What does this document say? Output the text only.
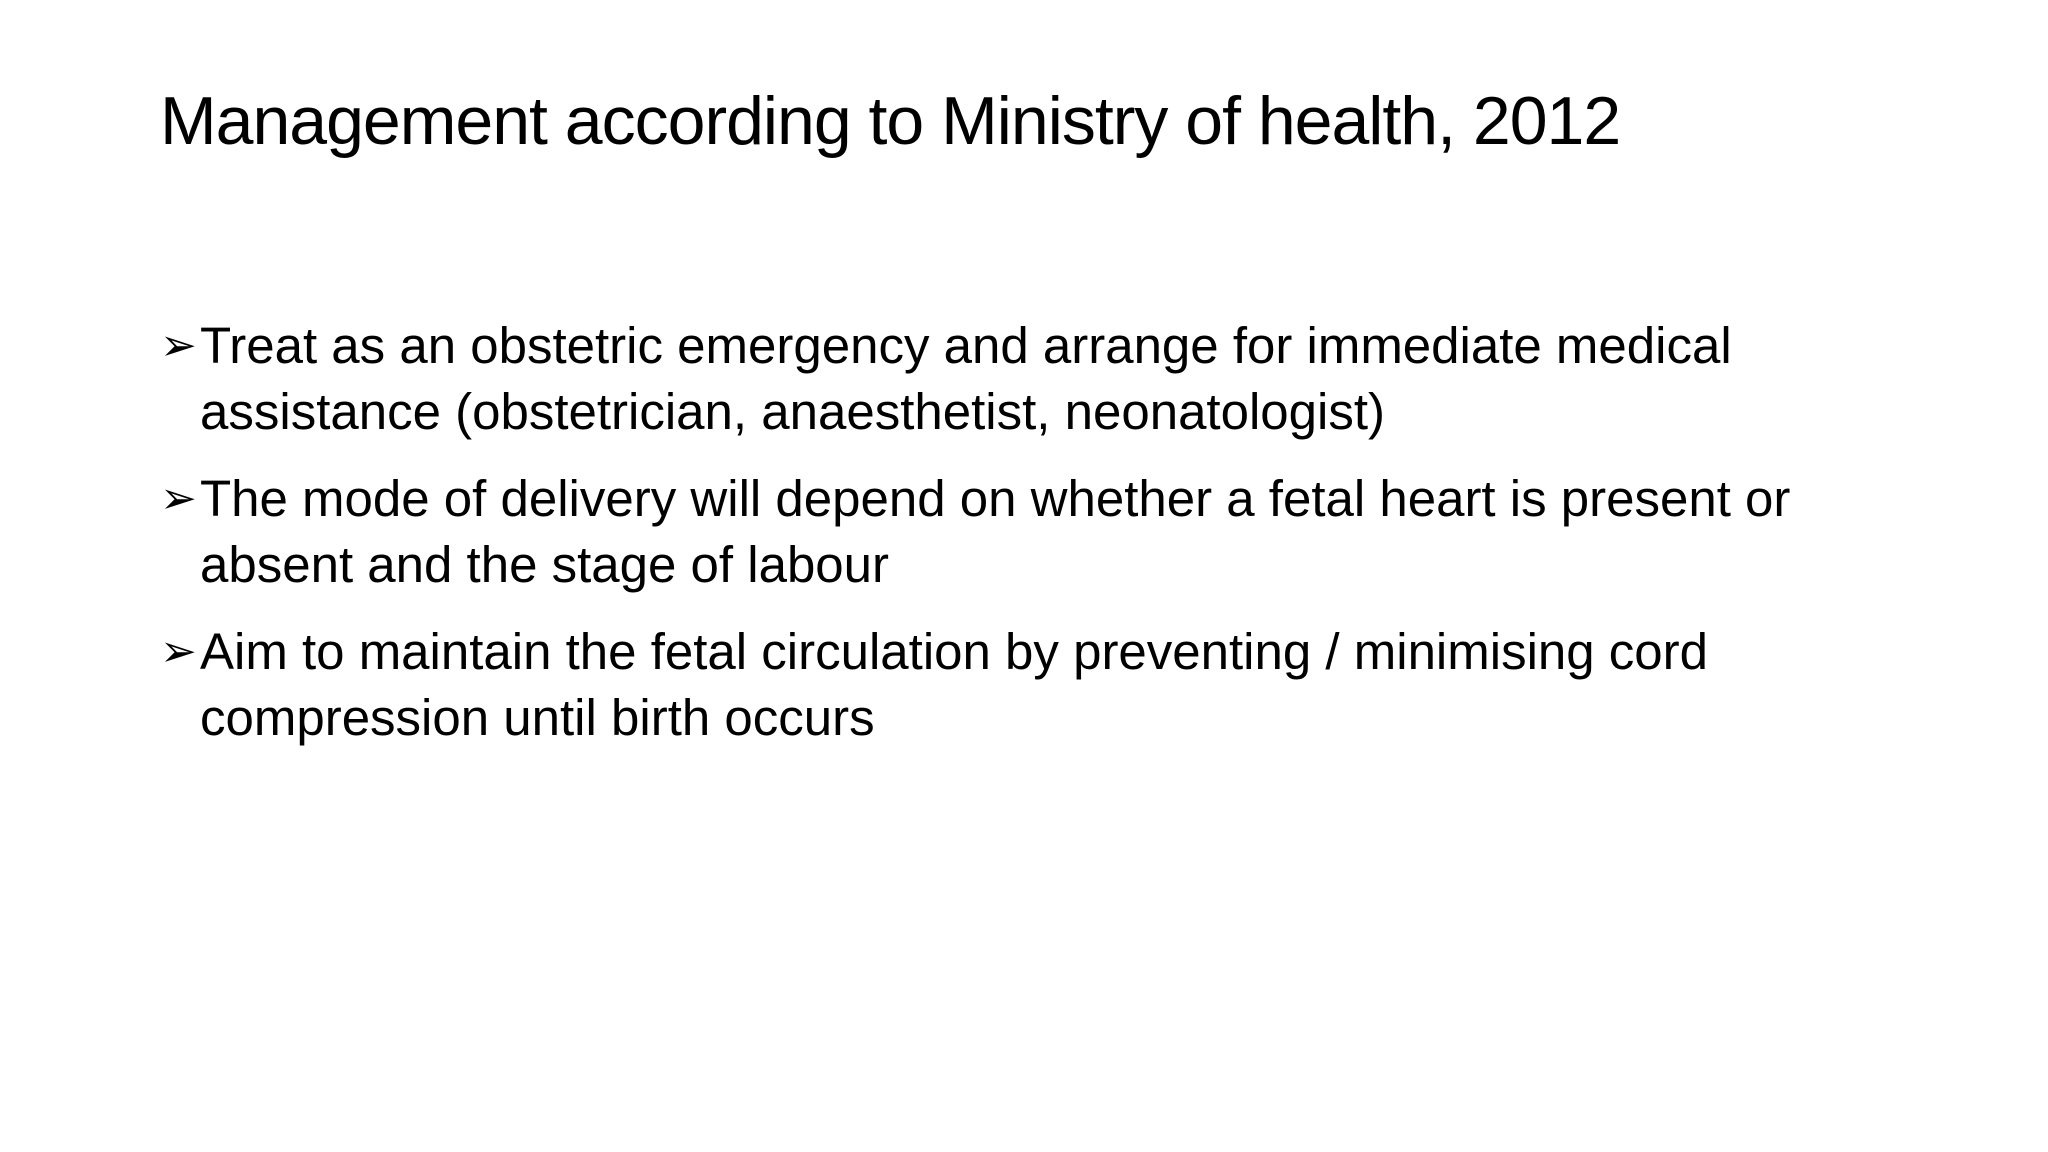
Management according to Ministry of health, 2012
➢ Treat as an obstetric emergency and arrange for immediate medical assistance (obstetrician, anaesthetist, neonatologist)
➢ The mode of delivery will depend on whether a fetal heart is present or absent and the stage of labour
➢ Aim to maintain the fetal circulation by preventing / minimising cord compression until birth occurs
